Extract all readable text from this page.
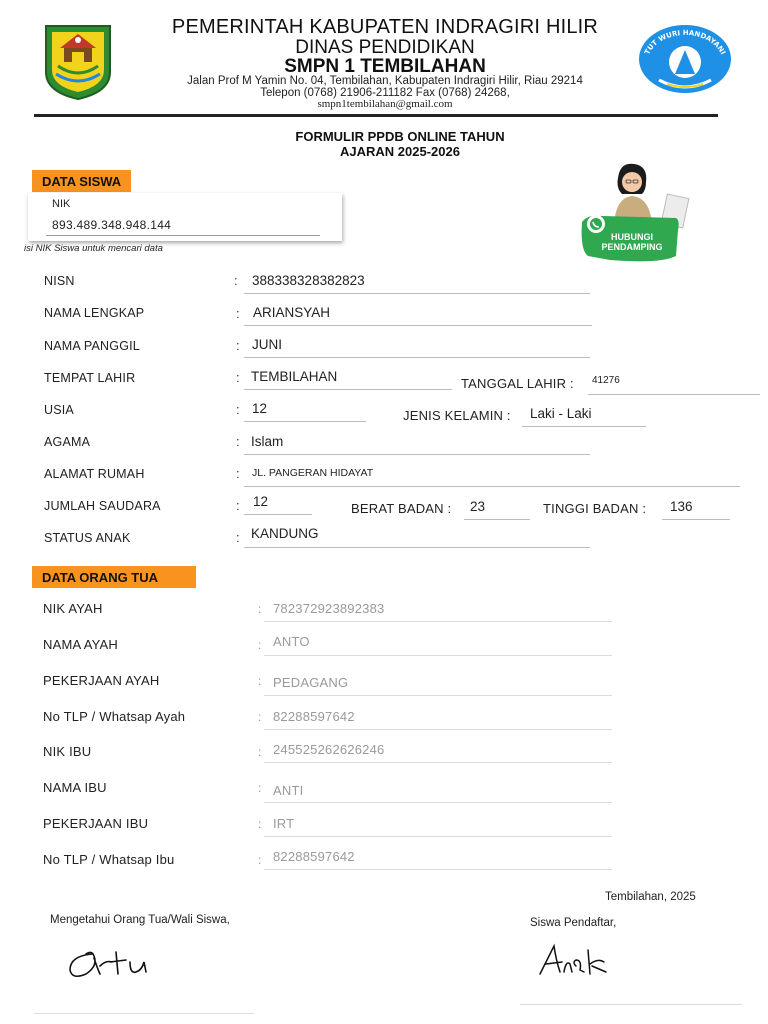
TUT WURI HANDAYANI
PEMERINTAH KABUPATEN INDRAGIRI HILIR
DINAS PENDIDIKAN
SMPN 1 TEMBILAHAN
Jalan Prof M Yamin No. 04, Tembilahan, Kabupaten Indragiri Hilir, Riau 29214
Telepon (0768) 21906-211182 Fax (0768) 24268,
smpn1tembilahan@gmail.com
FORMULIR PPDB ONLINE TAHUN
AJARAN 2025-2026
HUBUNGI
PENDAMPING
DATA SISWA
NIK
893.489.348.948.144
isi NIK Siswa untuk mencari data
NISN	: 388338328382823
NAMA LENGKAP	: ARIANSYAH
NAMA PANGGIL	: JUNI
TEMPAT LAHIR	: TEMBILAHAN	TANGGAL LAHIR : 41276
USIA	: 12	JENIS KELAMIN : Laki - Laki
AGAMA	: Islam
ALAMAT RUMAH	: JL. PANGERAN HIDAYAT
JUMLAH SAUDARA	: 12	BERAT BADAN : 23	TINGGI BADAN : 136
STATUS ANAK	: KANDUNG
DATA ORANG TUA
NIK AYAH	: 782372923892383
NAMA AYAH	: ANTO
PEKERJAAN AYAH	: PEDAGANG
No TLP / Whatsap Ayah	: 82288597642
NIK IBU	: 245525262626246
NAMA IBU	: ANTI
PEKERJAAN IBU	: IRT
No TLP / Whatsap Ibu	: 82288597642
Tembilahan, 2025
Mengetahui Orang Tua/Wali Siswa,	Siswa Pendaftar,
